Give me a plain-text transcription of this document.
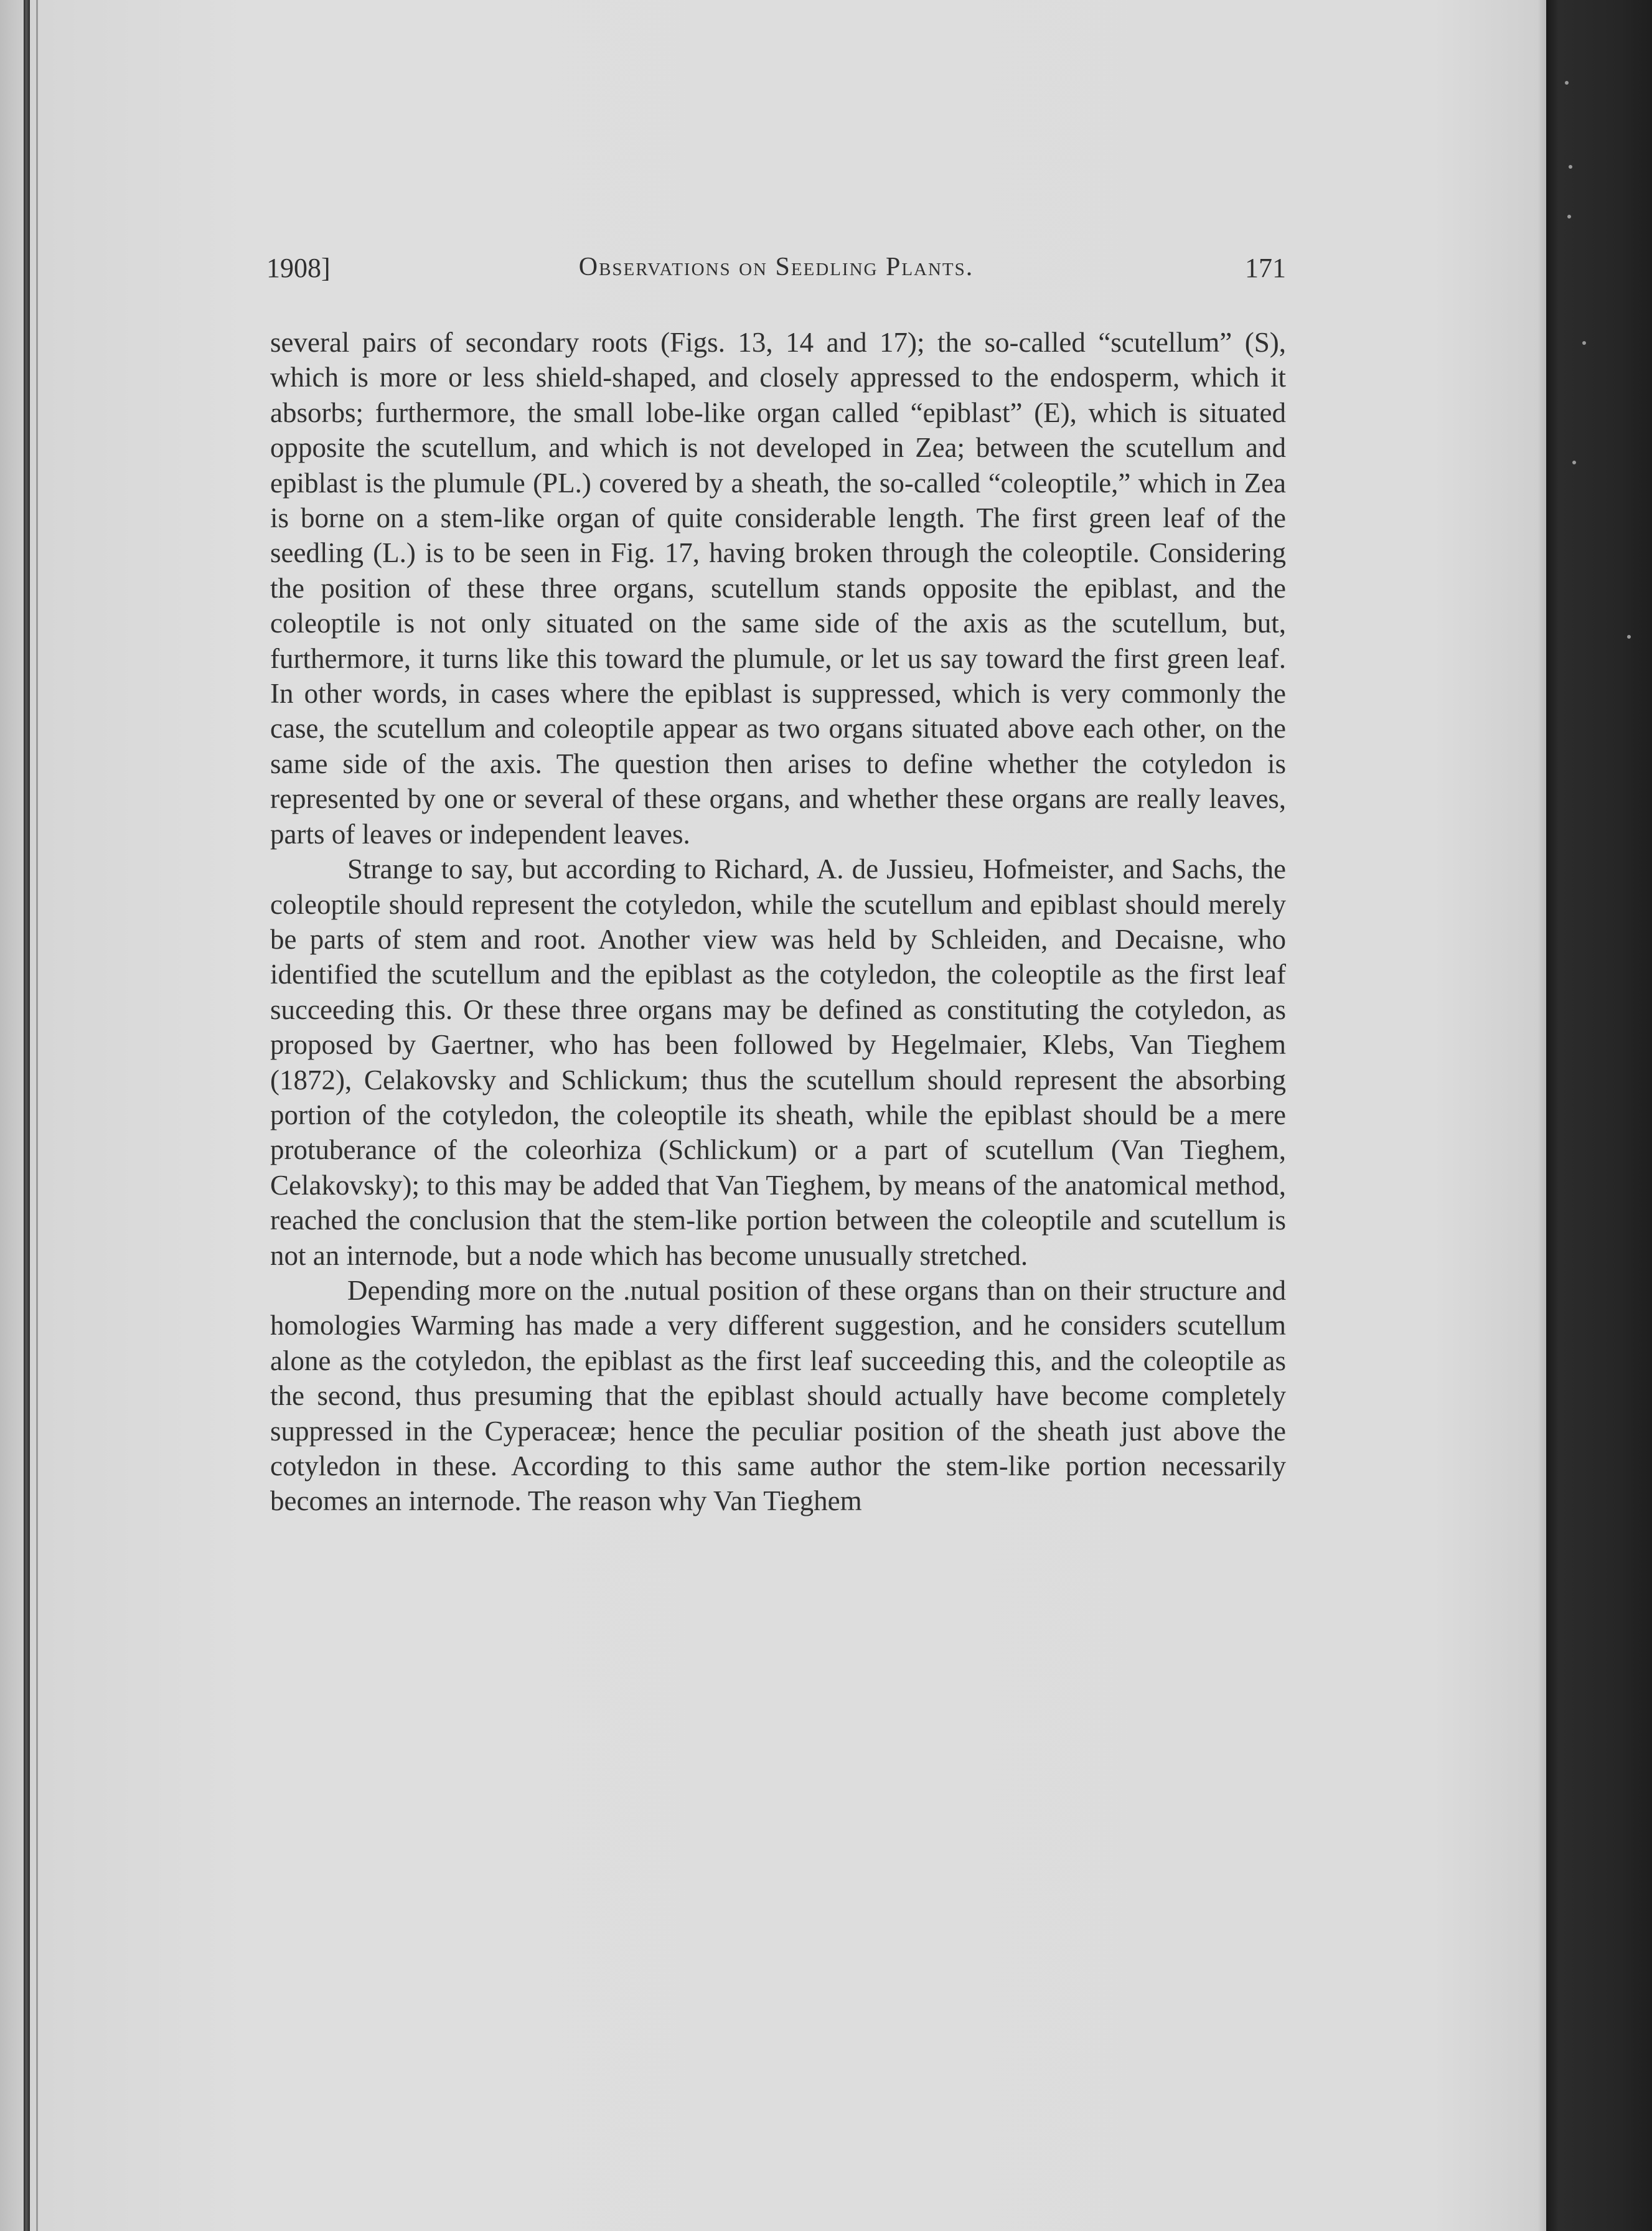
1908]	Observations on Seedling Plants.	171

several pairs of secondary roots (Figs. 13, 14 and 17); the so-called “scutellum” (S), which is more or less shield-shaped, and closely appressed to the endosperm, which it absorbs; furthermore, the small lobe-like organ called “epiblast” (E), which is situated opposite the scutellum, and which is not developed in Zea; between the scutellum and epiblast is the plumule (PL.) covered by a sheath, the so-called “coleoptile,” which in Zea is borne on a stem-like organ of quite considerable length. The first green leaf of the seedling (L.) is to be seen in Fig. 17, having broken through the coleoptile. Considering the position of these three organs, scutellum stands opposite the epiblast, and the coleoptile is not only situated on the same side of the axis as the scutellum, but, furthermore, it turns like this toward the plumule, or let us say toward the first green leaf. In other words, in cases where the epiblast is suppressed, which is very commonly the case, the scutellum and coleoptile appear as two organs situated above each other, on the same side of the axis. The question then arises to define whether the cotyledon is represented by one or several of these organs, and whether these organs are really leaves, parts of leaves or independent leaves.

Strange to say, but according to Richard, A. de Jussieu, Hofmeister, and Sachs, the coleoptile should represent the cotyledon, while the scutellum and epiblast should merely be parts of stem and root. Another view was held by Schleiden, and Decaisne, who identified the scutellum and the epiblast as the cotyledon, the coleoptile as the first leaf succeeding this. Or these three organs may be defined as constituting the cotyledon, as proposed by Gaertner, who has been followed by Hegelmaier, Klebs, Van Tieghem (1872), Celakovsky and Schlickum; thus the scutellum should represent the absorbing portion of the cotyledon, the coleoptile its sheath, while the epiblast should be a mere protuberance of the coleorhiza (Schlickum) or a part of scutellum (Van Tieghem, Celakovsky); to this may be added that Van Tieghem, by means of the anatomical method, reached the conclusion that the stem-like portion between the coleoptile and scutellum is not an internode, but a node which has become unusually stretched.

Depending more on the .nutual position of these organs than on their structure and homologies Warming has made a very different suggestion, and he considers scutellum alone as the cotyledon, the epiblast as the first leaf succeeding this, and the coleoptile as the second, thus presuming that the epiblast should actually have become completely suppressed in the Cyperaceæ; hence the peculiar position of the sheath just above the cotyledon in these. According to this same author the stem-like portion necessarily becomes an internode. The reason why Van Tieghem
